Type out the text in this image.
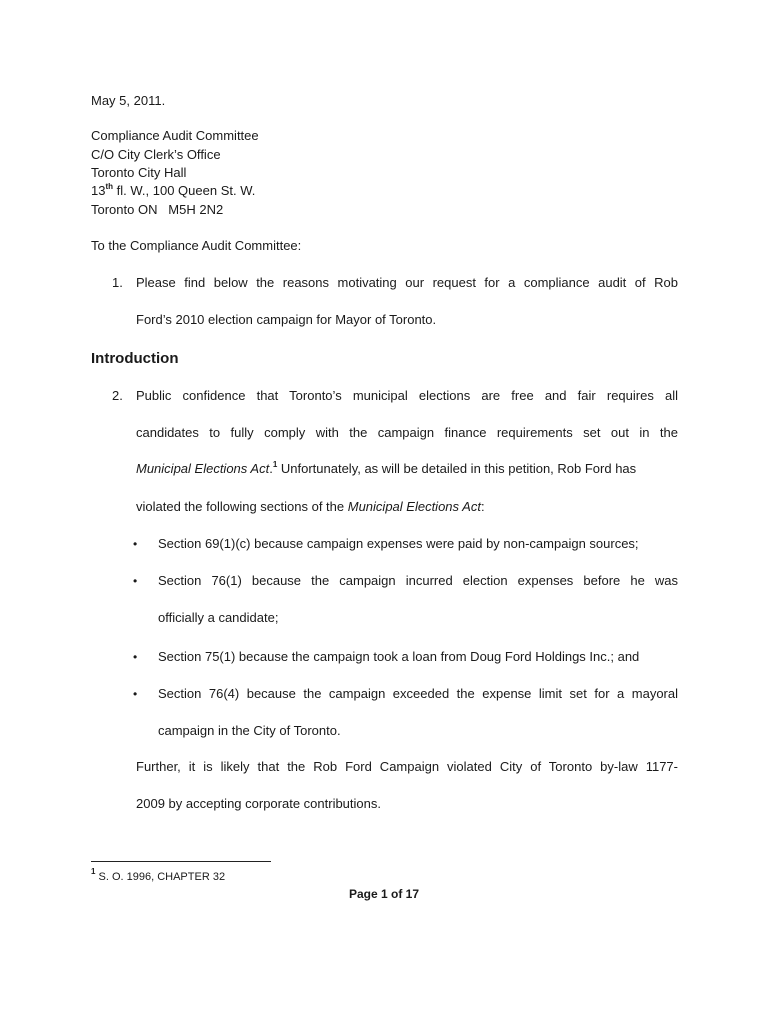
May 5, 2011.
Compliance Audit Committee
C/O City Clerk’s Office
Toronto City Hall
13th fl. W., 100 Queen St. W.
Toronto ON   M5H 2N2
To the Compliance Audit Committee:
1. Please find below the reasons motivating our request for a compliance audit of Rob
Ford’s 2010 election campaign for Mayor of Toronto.
Introduction
2. Public confidence that Toronto’s municipal elections are free and fair requires all
candidates to fully comply with the campaign finance requirements set out in the
Municipal Elections Act.$^1$ Unfortunately, as will be detailed in this petition, Rob Ford has
violated the following sections of the Municipal Elections Act:
• Section 69(1)(c) because campaign expenses were paid by non-campaign sources;
• Section 76(1) because the campaign incurred election expenses before he was
officially a candidate;
• Section 75(1) because the campaign took a loan from Doug Ford Holdings Inc.; and
• Section 76(4) because the campaign exceeded the expense limit set for a mayoral
campaign in the City of Toronto.
Further, it is likely that the Rob Ford Campaign violated City of Toronto by-law 1177-
2009 by accepting corporate contributions.
$^1$ S. O. 1996, CHAPTER 32
Page 1 of 17
